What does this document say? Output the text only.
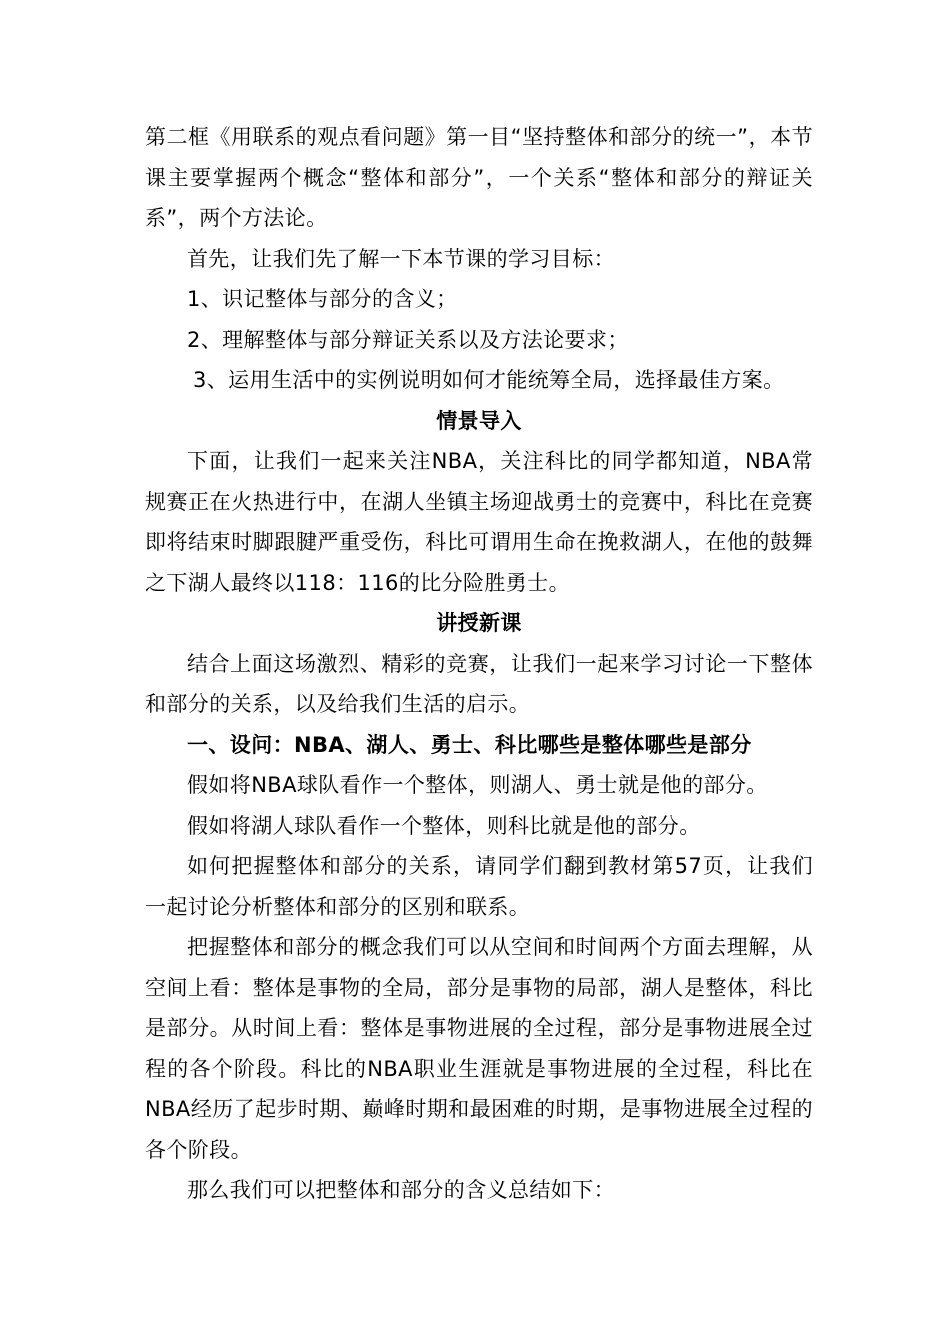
第二框《用联系的观点看问题》第一目“坚持整体和部分的统一”，本节课主要掌握两个概念“整体和部分”，一个关系“整体和部分的辩证关系”，两个方法论。

首先，让我们先了解一下本节课的学习目标：

1、识记整体与部分的含义；

2、理解整体与部分辩证关系以及方法论要求；

3、运用生活中的实例说明如何才能统筹全局，选择最佳方案。

情景导入

下面，让我们一起来关注NBA，关注科比的同学都知道，NBA常规赛正在火热进行中，在湖人坐镇主场迎战勇士的竞赛中，科比在竞赛即将结束时脚跟腱严重受伤，科比可谓用生命在挽救湖人，在他的鼓舞之下湖人最终以118：116的比分险胜勇士。

讲授新课

结合上面这场激烈、精彩的竞赛，让我们一起来学习讨论一下整体和部分的关系，以及给我们生活的启示。

一、设问：NBA、湖人、勇士、科比哪些是整体哪些是部分

假如将NBA球队看作一个整体，则湖人、勇士就是他的部分。

假如将湖人球队看作一个整体，则科比就是他的部分。

如何把握整体和部分的关系，请同学们翻到教材第57页，让我们一起讨论分析整体和部分的区别和联系。

把握整体和部分的概念我们可以从空间和时间两个方面去理解，从空间上看：整体是事物的全局，部分是事物的局部，湖人是整体，科比是部分。从时间上看：整体是事物进展的全过程，部分是事物进展全过程的各个阶段。科比的NBA职业生涯就是事物进展的全过程，科比在NBA经历了起步时期、巅峰时期和最困难的时期，是事物进展全过程的各个阶段。

那么我们可以把整体和部分的含义总结如下：
